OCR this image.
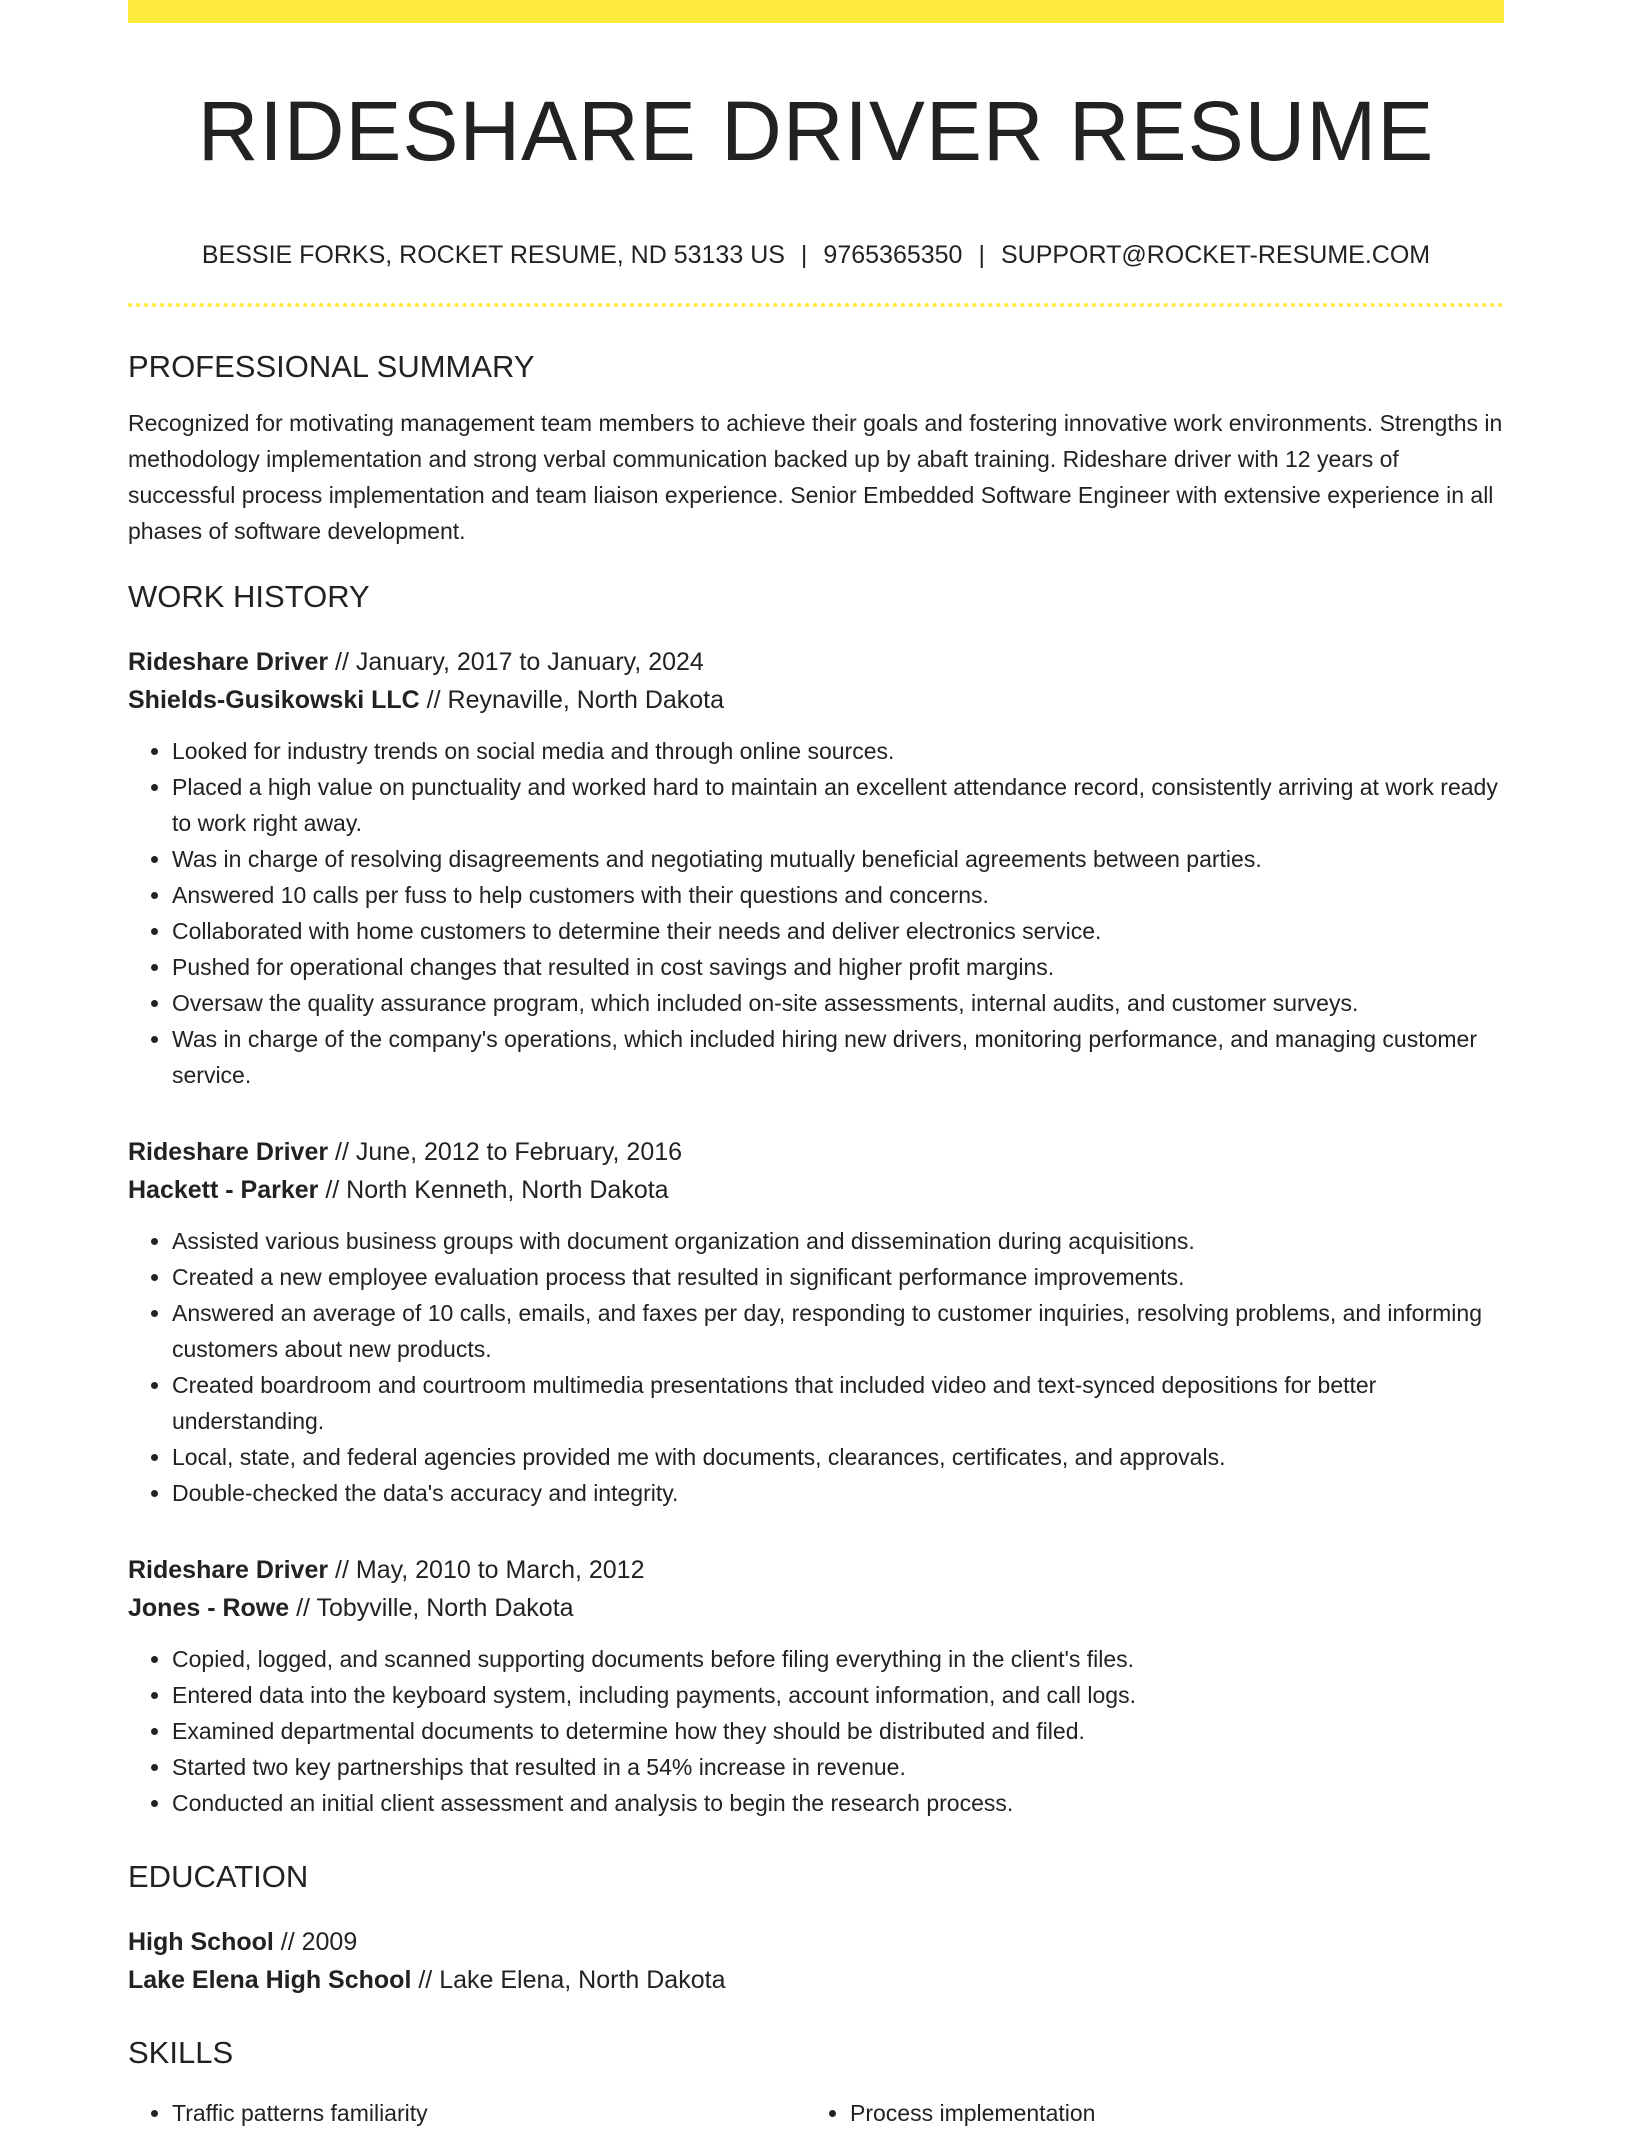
RIDESHARE DRIVER RESUME
BESSIE FORKS, ROCKET RESUME, ND 53133 US | 9765365350 | SUPPORT@ROCKET-RESUME.COM
PROFESSIONAL SUMMARY

Recognized for motivating management team members to achieve their goals and fostering innovative work environments. Strengths in methodology implementation and strong verbal communication backed up by abaft training. Rideshare driver with 12 years of successful process implementation and team liaison experience. Senior Embedded Software Engineer with extensive experience in all phases of software development.

WORK HISTORY
Rideshare Driver // January, 2017 to January, 2024
Shields-Gusikowski LLC // Reynaville, North Dakota
• Looked for industry trends on social media and through online sources.
• Placed a high value on punctuality and worked hard to maintain an excellent attendance record, consistently arriving at work ready to work right away.
• Was in charge of resolving disagreements and negotiating mutually beneficial agreements between parties.
• Answered 10 calls per fuss to help customers with their questions and concerns.
• Collaborated with home customers to determine their needs and deliver electronics service.
• Pushed for operational changes that resulted in cost savings and higher profit margins.
• Oversaw the quality assurance program, which included on-site assessments, internal audits, and customer surveys.
• Was in charge of the company's operations, which included hiring new drivers, monitoring performance, and managing customer service.
Rideshare Driver // June, 2012 to February, 2016
Hackett - Parker // North Kenneth, North Dakota
• Assisted various business groups with document organization and dissemination during acquisitions.
• Created a new employee evaluation process that resulted in significant performance improvements.
• Answered an average of 10 calls, emails, and faxes per day, responding to customer inquiries, resolving problems, and informing customers about new products.
• Created boardroom and courtroom multimedia presentations that included video and text-synced depositions for better understanding.
• Local, state, and federal agencies provided me with documents, clearances, certificates, and approvals.
• Double-checked the data's accuracy and integrity.
Rideshare Driver // May, 2010 to March, 2012
Jones - Rowe // Tobyville, North Dakota
• Copied, logged, and scanned supporting documents before filing everything in the client's files.
• Entered data into the keyboard system, including payments, account information, and call logs.
• Examined departmental documents to determine how they should be distributed and filed.
• Started two key partnerships that resulted in a 54% increase in revenue.
• Conducted an initial client assessment and analysis to begin the research process.
EDUCATION
High School // 2009
Lake Elena High School // Lake Elena, North Dakota
SKILLS
• Traffic patterns familiarity
•	Process implementation
